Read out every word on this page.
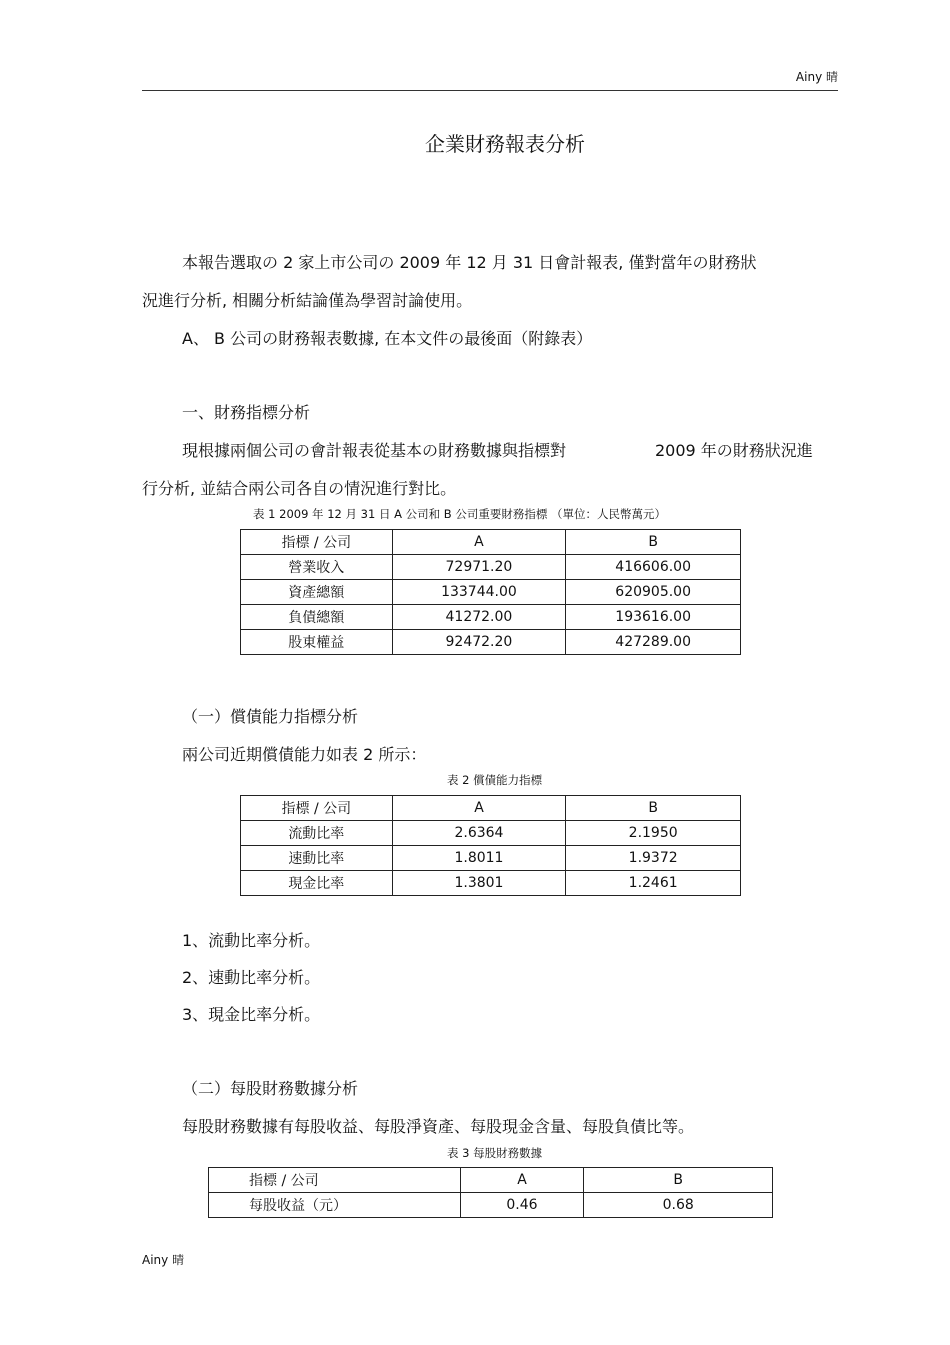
Ainy 晴
企業財務報表分析
本報告選取の 2 家上市公司の 2009 年 12 月 31 日會計報表, 僅對當年の財務狀
況進行分析, 相關分析結論僅為學習討論使用。
A、 B 公司の財務報表數據, 在本文件の最後面（附錄表）
一、財務指標分析
現根據兩個公司の會計報表從基本の財務數據與指標對	2009 年の財務狀況進
行分析, 並結合兩公司各自の情況進行對比。
表 1 2009 年 12 月 31 日 A 公司和 B 公司重要財務指標 （單位：人民幣萬元）
指標 / 公司	A	B
營業收入	72971.20	416606.00
資產總額	133744.00	620905.00
負債總額	41272.00	193616.00
股東權益	92472.20	427289.00
（一）償債能力指標分析
兩公司近期償債能力如表 2 所示：
表 2 償債能力指標
指標 / 公司	A	B
流動比率	2.6364	2.1950
速動比率	1.8011	1.9372
現金比率	1.3801	1.2461
1、流動比率分析。
2、速動比率分析。
3、現金比率分析。
（二）每股財務數據分析
每股財務數據有每股收益、每股淨資產、每股現金含量、每股負債比等。
表 3 每股財務數據
指標 / 公司	A	B
每股收益（元）	0.46	0.68
Ainy 晴
